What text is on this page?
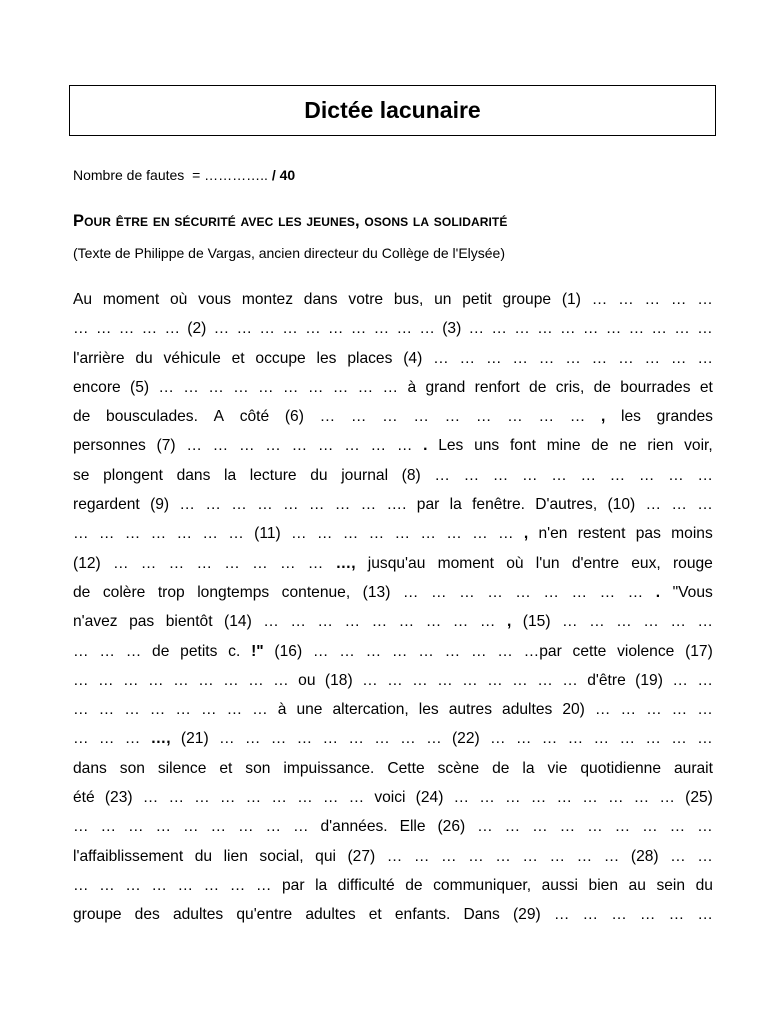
Dictée lacunaire
Nombre de fautes = ………….. / 40
Pour être en sécurité avec les jeunes, osons la solidarité
(Texte de Philippe de Vargas, ancien directeur du Collège de l'Elysée)
Au moment où vous montez dans votre bus, un petit groupe (1) … … … … …
… … … … … (2) … … … … … … … … … … (3) … … … … … … … … … … …
l'arrière du véhicule et occupe les places (4) … … … … … … … … … … …
encore (5) … … … … … … … … … … à grand renfort de cris, de bourrades et
de bousculades. A côté (6) … … … … … … … … … , les grandes
personnes (7) … … … … … … … … … . Les uns font mine de ne rien voir,
se plongent dans la lecture du journal (8) … … … … … … … … … …
regardent (9) … … … … … … … … …. par la fenêtre. D'autres, (10) … … …
… … … … … … … (11) … … … … … … … … … , n'en restent pas moins
(12) … … … … … … … … …, jusqu'au moment où l'un d'entre eux, rouge
de colère trop longtemps contenue, (13) … … … … … … … … … . "Vous
n'avez pas bientôt (14) … … … … … … … … … , (15) … … … … … …
… … … de petits c. !" (16) … … … … … … … … …par cette violence (17)
… … … … … … … … … ou (18) … … … … … … … … … d'être (19) … …
… … … … … … … … à une altercation, les autres adultes 20) … … … … …
… … … …, (21) … … … … … … … … … (22) … … … … … … … … …
dans son silence et son impuissance. Cette scène de la vie quotidienne aurait
été (23) … … … … … … … … … voici (24) … … … … … … … … … (25)
… … … … … … … … … d'années. Elle (26) … … … … … … … … …
l'affaiblissement du lien social, qui (27) … … … … … … … … … (28) … …
… … … … … … … … par la difficulté de communiquer, aussi bien au sein du
groupe des adultes qu'entre adultes et enfants. Dans (29) … … … … … …
